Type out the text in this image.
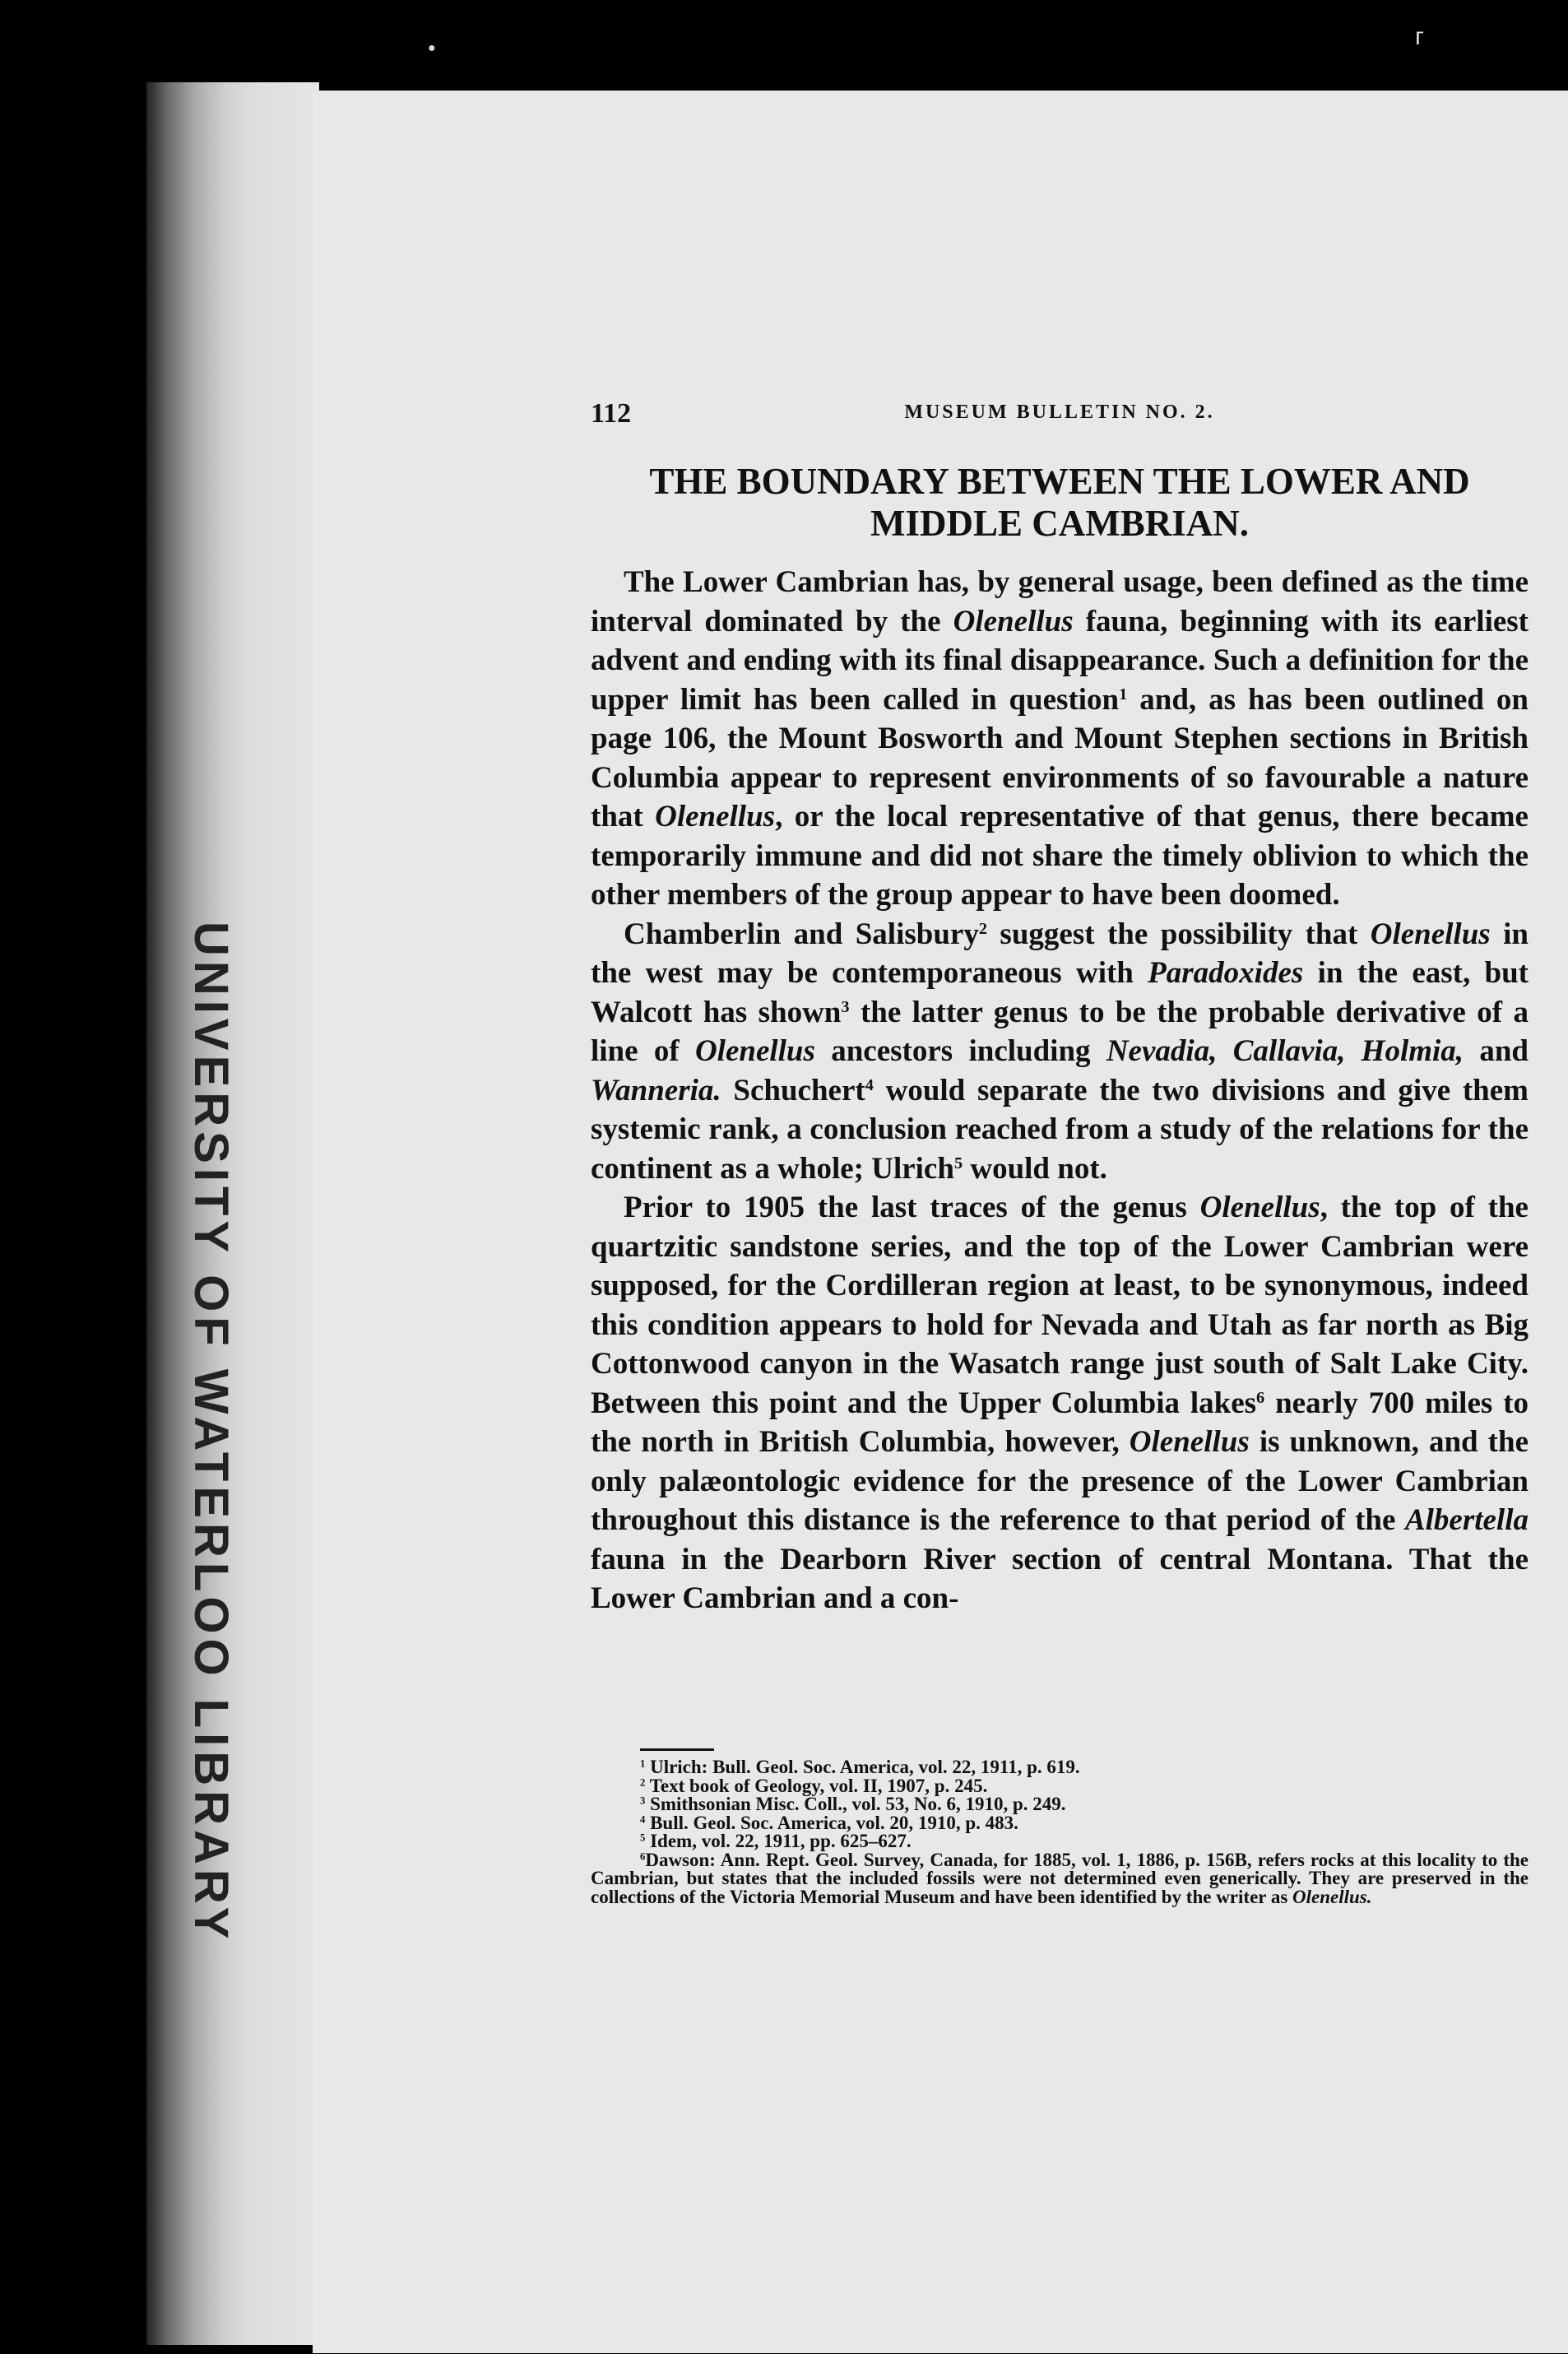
UNIVERSITY OF WATERLOO LIBRARY
●	ᴦ
112	MUSEUM BULLETIN NO. 2.
THE BOUNDARY BETWEEN THE LOWER AND MIDDLE CAMBRIAN.

The Lower Cambrian has, by general usage, been defined as the time interval dominated by the Olenellus fauna, beginning with its earliest advent and ending with its final disappearance. Such a definition for the upper limit has been called in question$^1$ and, as has been outlined on page 106, the Mount Bosworth and Mount Stephen sections in British Columbia appear to represent environments of so favourable a nature that Olenellus, or the local representative of that genus, there became temporarily immune and did not share the timely oblivion to which the other members of the group appear to have been doomed.

Chamberlin and Salisbury$^2$ suggest the possibility that Olenellus in the west may be contemporaneous with Paradoxides in the east, but Walcott has shown$^3$ the latter genus to be the probable derivative of a line of Olenellus ancestors including Nevadia, Callavia, Holmia, and Wanneria. Schuchert$^4$ would separate the two divisions and give them systemic rank, a conclusion reached from a study of the relations for the continent as a whole; Ulrich$^5$ would not.

Prior to 1905 the last traces of the genus Olenellus, the top of the quartzitic sandstone series, and the top of the Lower Cambrian were supposed, for the Cordilleran region at least, to be synonymous, indeed this condition appears to hold for Nevada and Utah as far north as Big Cottonwood canyon in the Wasatch range just south of Salt Lake City. Between this point and the Upper Columbia lakes$^6$ nearly 700 miles to the north in British Columbia, however, Olenellus is unknown, and the only palæontologic evidence for the presence of the Lower Cambrian throughout this distance is the reference to that period of the Albertella fauna in the Dearborn River section of central Montana. That the Lower Cambrian and a con-

$^1$ Ulrich: Bull. Geol. Soc. America, vol. 22, 1911, p. 619.
$^2$ Text book of Geology, vol. II, 1907, p. 245.
$^3$ Smithsonian Misc. Coll., vol. 53, No. 6, 1910, p. 249.
$^4$ Bull. Geol. Soc. America, vol. 20, 1910, p. 483.
$^5$ Idem, vol. 22, 1911, pp. 625–627.
$^6$Dawson: Ann. Rept. Geol. Survey, Canada, for 1885, vol. 1, 1886, p. 156B, refers rocks at this locality to the Cambrian, but states that the included fossils were not determined even generically. They are preserved in the collections of the Victoria Memorial Museum and have been identified by the writer as Olenellus.
